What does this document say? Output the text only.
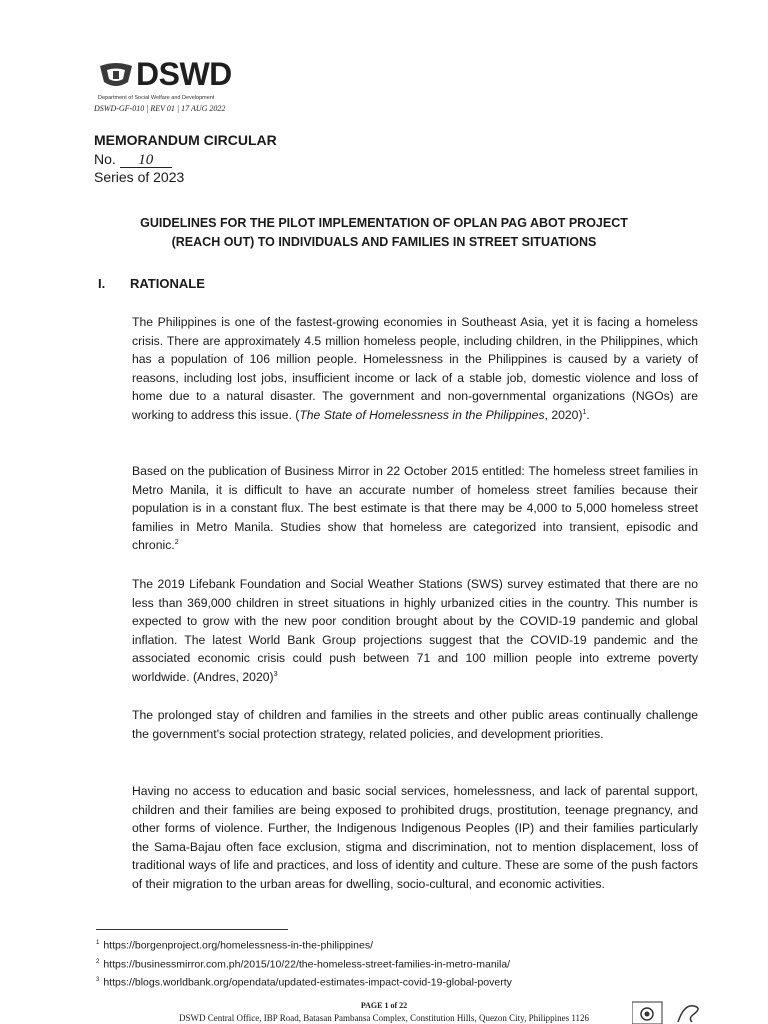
DSWD
Department of Social Welfare and Development
DSWD-GF-010 | REV 01 | 17 AUG 2022
MEMORANDUM CIRCULAR
No. 10
Series of 2023
GUIDELINES FOR THE PILOT IMPLEMENTATION OF OPLAN PAG ABOT PROJECT
(REACH OUT) TO INDIVIDUALS AND FAMILIES IN STREET SITUATIONS
I. RATIONALE

The Philippines is one of the fastest-growing economies in Southeast Asia, yet it is facing a homeless crisis. There are approximately 4.5 million homeless people, including children, in the Philippines, which has a population of 106 million people. Homelessness in the Philippines is caused by a variety of reasons, including lost jobs, insufficient income or lack of a stable job, domestic violence and loss of home due to a natural disaster. The government and non-governmental organizations (NGOs) are working to address this issue. (The State of Homelessness in the Philippines, 2020)$^1$.

Based on the publication of Business Mirror in 22 October 2015 entitled: The homeless street families in Metro Manila, it is difficult to have an accurate number of homeless street families because their population is in a constant flux. The best estimate is that there may be 4,000 to 5,000 homeless street families in Metro Manila. Studies show that homeless are categorized into transient, episodic and chronic.$^2$

The 2019 Lifebank Foundation and Social Weather Stations (SWS) survey estimated that there are no less than 369,000 children in street situations in highly urbanized cities in the country. This number is expected to grow with the new poor condition brought about by the COVID-19 pandemic and global inflation. The latest World Bank Group projections suggest that the COVID-19 pandemic and the associated economic crisis could push between 71 and 100 million people into extreme poverty worldwide. (Andres, 2020)$^3$

The prolonged stay of children and families in the streets and other public areas continually challenge the government's social protection strategy, related policies, and development priorities.

Having no access to education and basic social services, homelessness, and lack of parental support, children and their families are being exposed to prohibited drugs, prostitution, teenage pregnancy, and other forms of violence. Further, the Indigenous Indigenous Peoples (IP) and their families particularly the Sama-Bajau often face exclusion, stigma and discrimination, not to mention displacement, loss of traditional ways of life and practices, and loss of identity and culture. These are some of the push factors of their migration to the urban areas for dwelling, socio-cultural, and economic activities.

$^1$ https://borgenproject.org/homelessness-in-the-philippines/
$^2$ https://businessmirror.com.ph/2015/10/22/the-homeless-street-families-in-metro-manila/
$^3$ https://blogs.worldbank.org/opendata/updated-estimates-impact-covid-19-global-poverty
PAGE 1 of 22
DSWD Central Office, IBP Road, Batasan Pambansa Complex, Constitution Hills, Quezon City, Philippines 1126
